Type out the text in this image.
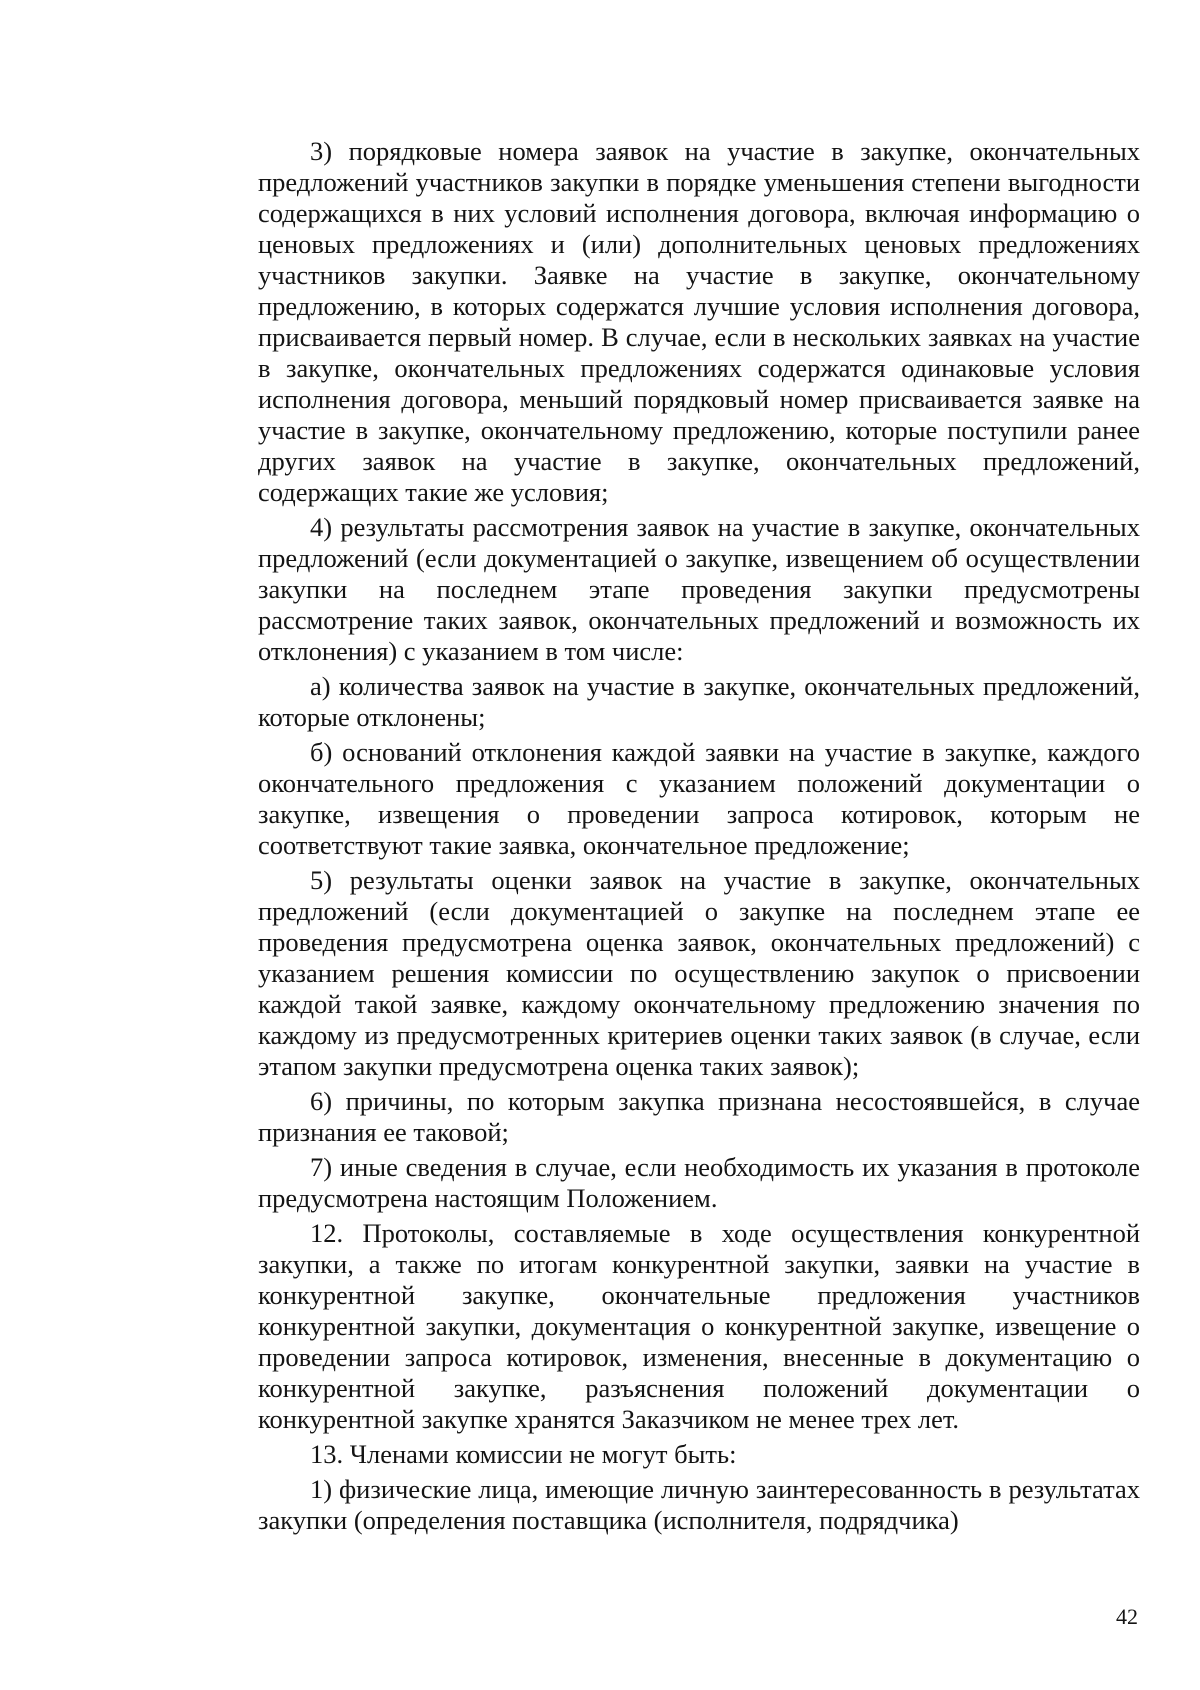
3) порядковые номера заявок на участие в закупке, окончательных предложений участников закупки в порядке уменьшения степени выгодности содержащихся в них условий исполнения договора, включая информацию о ценовых предложениях и (или) дополнительных ценовых предложениях участников закупки. Заявке на участие в закупке, окончательному предложению, в которых содержатся лучшие условия исполнения договора, присваивается первый номер. В случае, если в нескольких заявках на участие в закупке, окончательных предложениях содержатся одинаковые условия исполнения договора, меньший порядковый номер присваивается заявке на участие в закупке, окончательному предложению, которые поступили ранее других заявок на участие в закупке, окончательных предложений, содержащих такие же условия;

4) результаты рассмотрения заявок на участие в закупке, окончательных предложений (если документацией о закупке, извещением об осуществлении закупки на последнем этапе проведения закупки предусмотрены рассмотрение таких заявок, окончательных предложений и возможность их отклонения) с указанием в том числе:

а) количества заявок на участие в закупке, окончательных предложений, которые отклонены;

б) оснований отклонения каждой заявки на участие в закупке, каждого окончательного предложения с указанием положений документации о закупке, извещения о проведении запроса котировок, которым не соответствуют такие заявка, окончательное предложение;

5) результаты оценки заявок на участие в закупке, окончательных предложений (если документацией о закупке на последнем этапе ее проведения предусмотрена оценка заявок, окончательных предложений) с указанием решения комиссии по осуществлению закупок о присвоении каждой такой заявке, каждому окончательному предложению значения по каждому из предусмотренных критериев оценки таких заявок (в случае, если этапом закупки предусмотрена оценка таких заявок);

6) причины, по которым закупка признана несостоявшейся, в случае признания ее таковой;

7) иные сведения в случае, если необходимость их указания в протоколе предусмотрена настоящим Положением.

12. Протоколы, составляемые в ходе осуществления конкурентной закупки, а также по итогам конкурентной закупки, заявки на участие в конкурентной закупке, окончательные предложения участников конкурентной закупки, документация о конкурентной закупке, извещение о проведении запроса котировок, изменения, внесенные в документацию о конкурентной закупке, разъяснения положений документации о конкурентной закупке хранятся Заказчиком не менее трех лет.

13. Членами комиссии не могут быть:

1) физические лица, имеющие личную заинтересованность в результатах закупки (определения поставщика (исполнителя, подрядчика)

42
